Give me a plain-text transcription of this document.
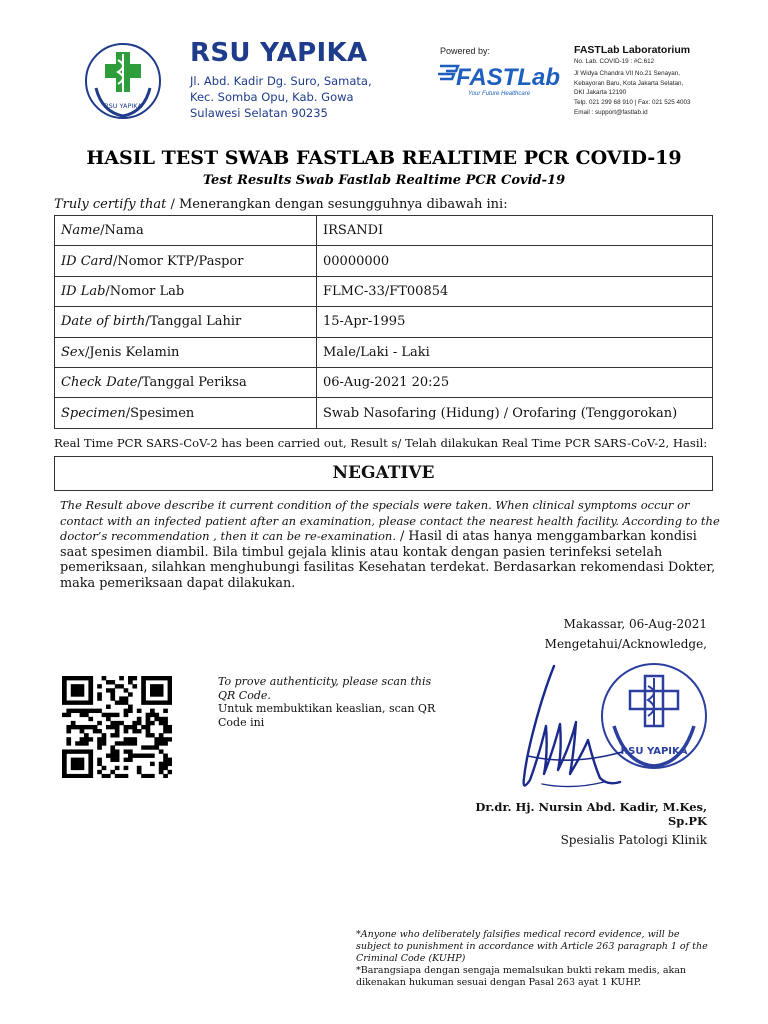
RSU YAPIKA
RSU YAPIKA
Jl. Abd. Kadir Dg. Suro, Samata,
Kec. Somba Opu, Kab. Gowa
Sulawesi Selatan 90235
Powered by:
FASTLab
Your Future Healthcare
FASTLab Laboratorium
No. Lab. COVID-19 : #C.612
Jl Widya Chandra VII No.21 Senayan,
Kebayoran Baru, Kota Jakarta Selatan,
DKI Jakarta 12190
Telp. 021 299 68 910 | Fax: 021 525 4003
Email : support@fastlab.id
HASIL TEST SWAB FASTLAB REALTIME PCR COVID-19
Test Results Swab Fastlab Realtime PCR Covid-19
Truly certify that / Menerangkan dengan sesungguhnya dibawah ini:
Name/Nama	IRSANDI
ID Card/Nomor KTP/Paspor	00000000
ID Lab/Nomor Lab	FLMC-33/FT00854
Date of birth/Tanggal Lahir	15-Apr-1995
Sex/Jenis Kelamin	Male/Laki - Laki
Check Date/Tanggal Periksa	06-Aug-2021 20:25
Specimen/Spesimen	Swab Nasofaring (Hidung) / Orofaring (Tenggorokan)
Real Time PCR SARS-CoV-2 has been carried out, Result s/ Telah dilakukan Real Time PCR SARS-CoV-2, Hasil:
NEGATIVE
The Result above describe it current condition of the specials were taken. When clinical symptoms occur or contact with an infected patient after an examination, please contact the nearest health facility. According to the doctor’s recommendation , then it can be re-examination. / Hasil di atas hanya menggambarkan kondisi saat spesimen diambil. Bila timbul gejala klinis atau kontak dengan pasien terinfeksi setelah pemeriksaan, silahkan menghubungi fasilitas Kesehatan terdekat. Berdasarkan rekomendasi Dokter, maka pemeriksaan dapat dilakukan.
Makassar, 06-Aug-2021
Mengetahui/Acknowledge,
To prove authenticity, please scan this QR Code.
Untuk membuktikan keaslian, scan QR Code ini
RSU YAPIKA
Dr.dr. Hj. Nursin Abd. Kadir, M.Kes, Sp.PK
Spesialis Patologi Klinik
*Anyone who deliberately falsifies medical record evidence, will be subject to punishment in accordance with Article 263 paragraph 1 of the Criminal Code (KUHP)
*Barangsiapa dengan sengaja memalsukan bukti rekam medis, akan dikenakan hukuman sesuai dengan Pasal 263 ayat 1 KUHP.
